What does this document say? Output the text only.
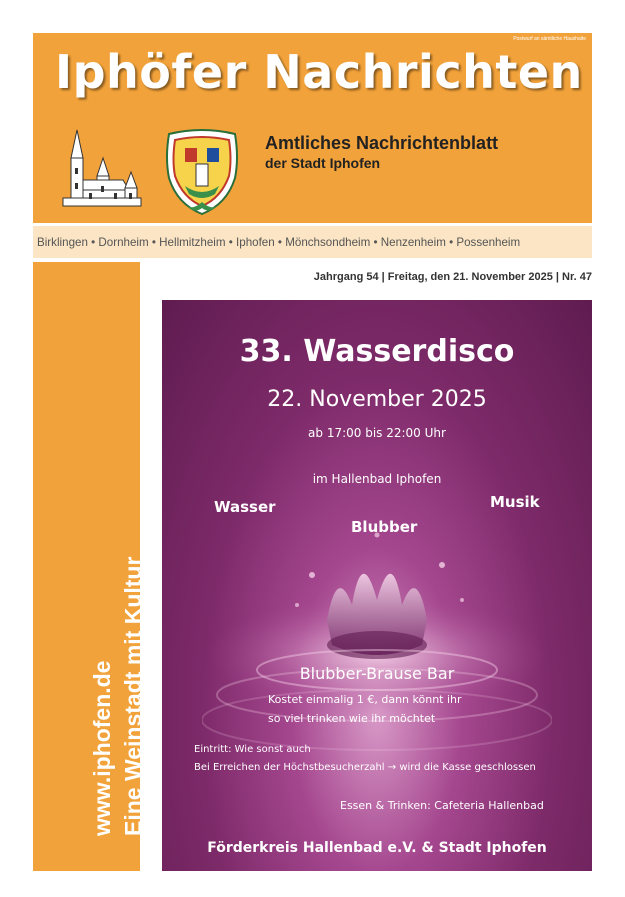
Postwurf an sämtliche Haushalte
Iphöfer Nachrichten
Amtliches Nachrichtenblatt
der Stadt Iphofen
Birklingen • Dornheim • Hellmitzheim • Iphofen • Mönchsondheim • Nenzenheim • Possenheim
www.iphofen.de Eine Weinstadt mit Kultur
Jahrgang 54 | Freitag, den 21. November 2025 | Nr. 47
33. Wasserdisco
22. November 2025
ab 17:00 bis 22:00 Uhr
im Hallenbad Iphofen
Wasser	Musik
Blubber
Blubber-Brause Bar
Kostet einmalig 1 €, dann könnt ihr
so viel trinken wie ihr möchtet
Eintritt: Wie sonst auch
Bei Erreichen der Höchstbesucherzahl → wird die Kasse geschlossen
Essen & Trinken: Cafeteria Hallenbad
Förderkreis Hallenbad e.V. & Stadt Iphofen
